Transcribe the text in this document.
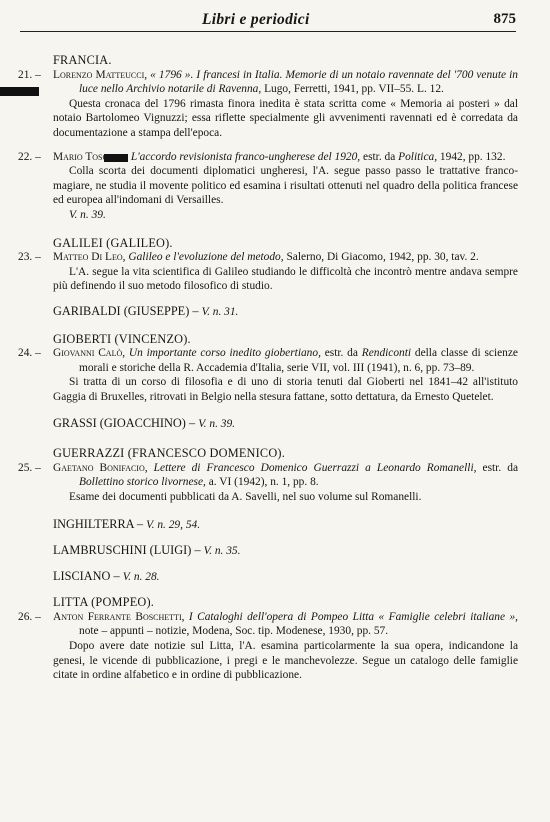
Libri e periodici	875
FRANCIA.

21. – Lorenzo Matteucci, « 1796 ». I francesi in Italia. Memorie di un notaio ravennate del '700 venute in luce nello Archivio notarile di Ravenna, Lugo, Ferretti, 1941, pp. VII–55. L. 12.

Questa cronaca del 1796 rimasta finora inedita è stata scritta come « Memoria ai posteri » dal notaio Bartolomeo Vignuzzi; essa riflette specialmente gli avvenimenti ravennati ed è corredata da documentazione a stampa dell'epoca.

22. – Mario Toscano, L'accordo revisionista franco-ungherese del 1920, estr. da Politica, 1942, pp. 132.

Colla scorta dei documenti diplomatici ungheresi, l'A. segue passo passo le trattative franco-magiare, ne studia il movente politico ed esamina i risultati ottenuti nel quadro della politica francese ed europea all'indomani di Versailles.

V. n. 39.

GALILEI (GALILEO).

23. – Matteo Di Leo, Galileo e l'evoluzione del metodo, Salerno, Di Giacomo, 1942, pp. 30, tav. 2.

L'A. segue la vita scientifica di Galileo studiando le difficoltà che incontrò mentre andava sempre più definendo il suo metodo filosofico di studio.

GARIBALDI (GIUSEPPE) – V. n. 31.
GIOBERTI (VINCENZO).

24. – Giovanni Calò, Un importante corso inedito giobertiano, estr. da Rendiconti della classe di scienze morali e storiche della R. Accademia d'Italia, serie VII, vol. III (1941), n. 6, pp. 73–89.

Si tratta di un corso di filosofia e di uno di storia tenuti dal Gioberti nel 1841–42 all'istituto Gaggia di Bruxelles, ritrovati in Belgio nella stesura fattane, sotto dettatura, da Ernesto Quetelet.

GRASSI (GIOACCHINO) – V. n. 39.
GUERRAZZI (FRANCESCO DOMENICO).

25. – Gaetano Bonifacio, Lettere di Francesco Domenico Guerrazzi a Leonardo Romanelli, estr. da Bollettino storico livornese, a. VI (1942), n. 1, pp. 8.

Esame dei documenti pubblicati da A. Savelli, nel suo volume sul Romanelli.

INGHILTERRA – V. n. 29, 54.
LAMBRUSCHINI (LUIGI) – V. n. 35.
LISCIANO – V. n. 28.
LITTA (POMPEO).

26. – Anton Ferrante Boschetti, I Cataloghi dell'opera di Pompeo Litta « Famiglie celebri italiane », note – appunti – notizie, Modena, Soc. tip. Modenese, 1930, pp. 57.

Dopo avere date notizie sul Litta, l'A. esamina particolarmente la sua opera, indicandone la genesi, le vicende di pubblicazione, i pregi e le manchevolezze. Segue un catalogo delle famiglie citate in ordine alfabetico e in ordine di pubblicazione.
